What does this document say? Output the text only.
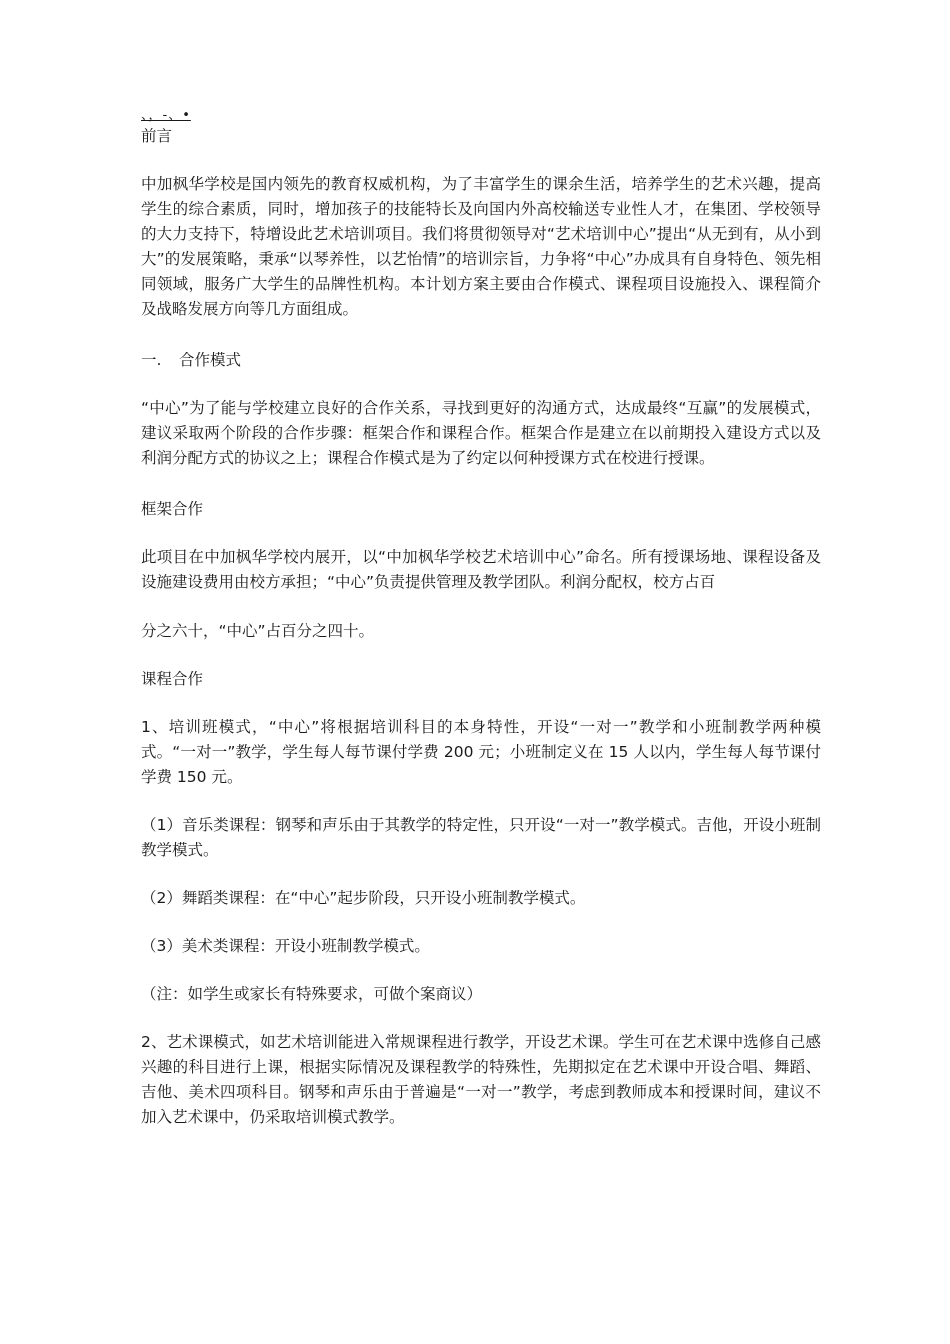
、，-、•

前言

中加枫华学校是国内领先的教育权威机构，为了丰富学生的课余生活，培养学生的艺术兴趣，提高学生的综合素质，同时，增加孩子的技能特长及向国内外高校输送专业性人才，在集团、学校领导的大力支持下，特增设此艺术培训项目。我们将贯彻领导对“艺术培训中心”提出“从无到有，从小到大”的发展策略，秉承“以琴养性，以艺怡情”的培训宗旨，力争将“中心”办成具有自身特色、领先相同领域，服务广大学生的品牌性机构。本计划方案主要由合作模式、课程项目设施投入、课程简介及战略发展方向等几方面组成。

一. 合作模式

“中心”为了能与学校建立良好的合作关系，寻找到更好的沟通方式，达成最终“互赢”的发展模式，建议采取两个阶段的合作步骤：框架合作和课程合作。框架合作是建立在以前期投入建设方式以及利润分配方式的协议之上；课程合作模式是为了约定以何种授课方式在校进行授课。

框架合作

此项目在中加枫华学校内展开，以“中加枫华学校艺术培训中心”命名。所有授课场地、课程设备及设施建设费用由校方承担；“中心”负责提供管理及教学团队。利润分配权，校方占百

分之六十，“中心”占百分之四十。

课程合作

1、培训班模式，“中心”将根据培训科目的本身特性，开设“一对一”教学和小班制教学两种模式。“一对一”教学，学生每人每节课付学费 200 元；小班制定义在 15 人以内，学生每人每节课付学费 150 元。

（1）音乐类课程：钢琴和声乐由于其教学的特定性，只开设“一对一”教学模式。吉他，开设小班制教学模式。

（2）舞蹈类课程：在“中心”起步阶段，只开设小班制教学模式。

（3）美术类课程：开设小班制教学模式。

（注：如学生或家长有特殊要求，可做个案商议）

2、艺术课模式，如艺术培训能进入常规课程进行教学，开设艺术课。学生可在艺术课中选修自己感兴趣的科目进行上课，根据实际情况及课程教学的特殊性，先期拟定在艺术课中开设合唱、舞蹈、吉他、美术四项科目。钢琴和声乐由于普遍是“一对一”教学，考虑到教师成本和授课时间，建议不加入艺术课中，仍采取培训模式教学。
